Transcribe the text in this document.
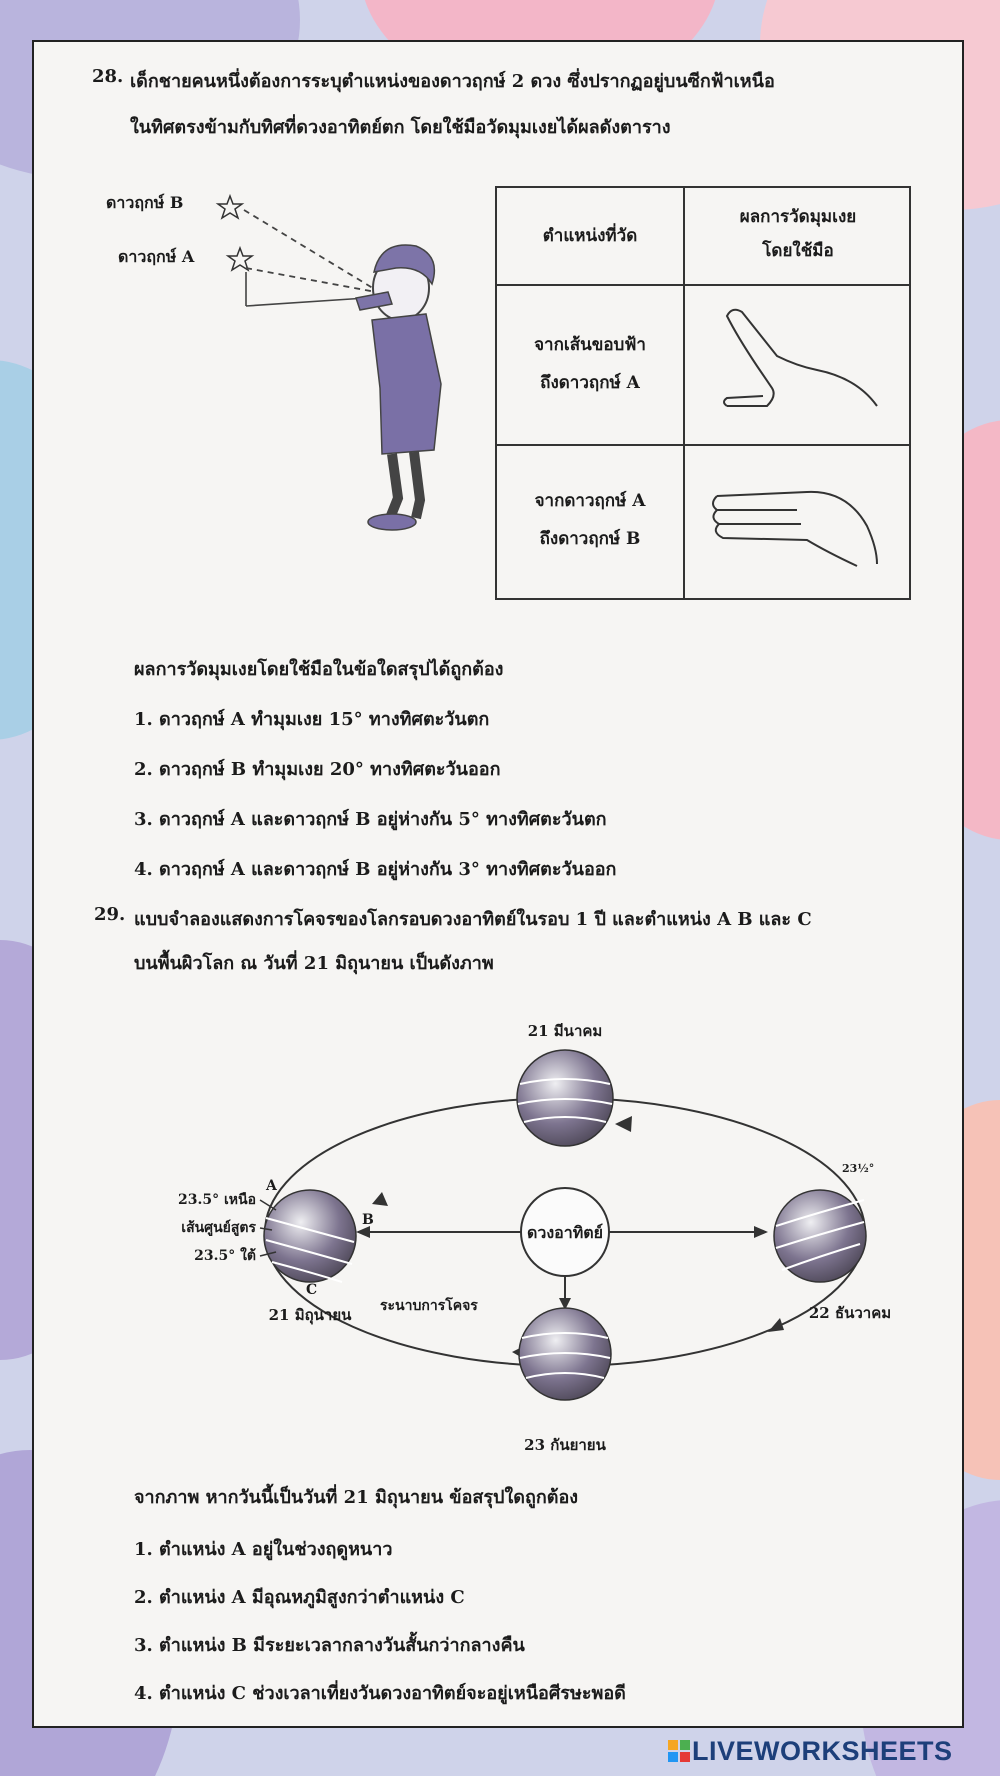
28. เด็กชายคนหนึ่งต้องการระบุตำแหน่งของดาวฤกษ์ 2 ดวง ซึ่งปรากฏอยู่บนซีกฟ้าเหนือ
ในทิศตรงข้ามกับทิศที่ดวงอาทิตย์ตก โดยใช้มือวัดมุมเงยได้ผลดังตาราง
ดาวฤกษ์ B
ดาวฤกษ์ A
ตำแหน่งที่วัด
ผลการวัดมุมเงย
โดยใช้มือ
จากเส้นขอบฟ้า
ถึงดาวฤกษ์ A
จากดาวฤกษ์ A
ถึงดาวฤกษ์ B
ผลการวัดมุมเงยโดยใช้มือในข้อใดสรุปได้ถูกต้อง
1. ดาวฤกษ์ A ทำมุมเงย 15° ทางทิศตะวันตก
2. ดาวฤกษ์ B ทำมุมเงย 20° ทางทิศตะวันออก
3. ดาวฤกษ์ A และดาวฤกษ์ B อยู่ห่างกัน 5° ทางทิศตะวันตก
4. ดาวฤกษ์ A และดาวฤกษ์ B อยู่ห่างกัน 3° ทางทิศตะวันออก
29. แบบจำลองแสดงการโคจรของโลกรอบดวงอาทิตย์ในรอบ 1 ปี และตำแหน่ง A B และ C
บนพื้นผิวโลก ณ วันที่ 21 มิถุนายน เป็นดังภาพ
ดวงอาทิตย์
21 มีนาคม
A
B
C
23.5° เหนือ
เส้นศูนย์สูตร
23.5° ใต้
21 มิถุนายน
23 กันยายน
ระนาบการโคจร
23½°
22 ธันวาคม
จากภาพ หากวันนี้เป็นวันที่ 21 มิถุนายน ข้อสรุปใดถูกต้อง
1. ตำแหน่ง A อยู่ในช่วงฤดูหนาว
2. ตำแหน่ง A มีอุณหภูมิสูงกว่าตำแหน่ง C
3. ตำแหน่ง B มีระยะเวลากลางวันสั้นกว่ากลางคืน
4. ตำแหน่ง C ช่วงเวลาเที่ยงวันดวงอาทิตย์จะอยู่เหนือศีรษะพอดี
LIVEWORKSHEETS
